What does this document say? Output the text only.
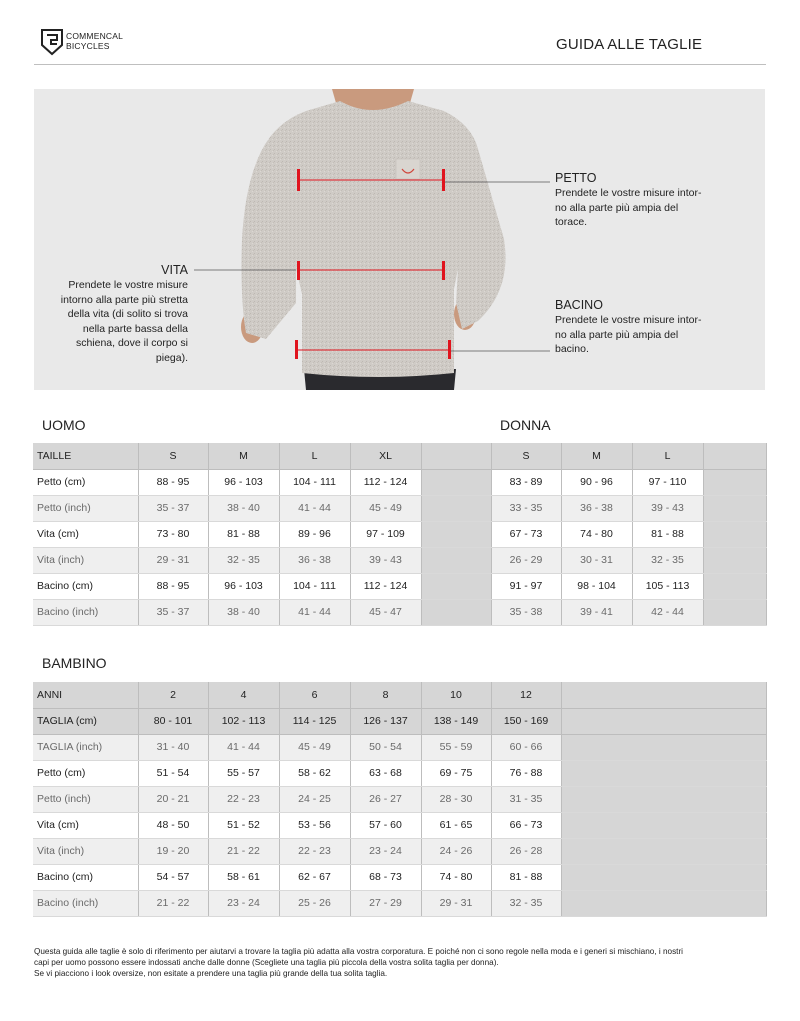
COMMENCAL
BICYCLES	GUIDA ALLE TAGLIE
PETTO
Prendete le vostre misure intor-
no alla parte più ampia del
torace.
VITA
Prendete le vostre misure
intorno alla parte più stretta
della vita (di solito si trova
nella parte bassa della
schiena, dove il corpo si
piega).
BACINO
Prendete le vostre misure intor-
no alla parte più ampia del
bacino.
UOMO	DONNA
TAILLE	S	M	L	XL		S	M	L	
Petto (cm)	88 - 95	96 - 103	104 - 111	112 - 124		83 - 89	90 - 96	97 - 110	
Petto (inch)	35 - 37	38 - 40	41 - 44	45 - 49		33 - 35	36 - 38	39 - 43	
Vita (cm)	73 - 80	81 - 88	89 - 96	97 - 109		67 - 73	74 - 80	81 - 88	
Vita (inch)	29 - 31	32 - 35	36 - 38	39 - 43		26 - 29	30 - 31	32 - 35	
Bacino (cm)	88 - 95	96 - 103	104 - 111	112 - 124		91 - 97	98 - 104	105 - 113	
Bacino (inch)	35 - 37	38 - 40	41 - 44	45 - 47		35 - 38	39 - 41	42 - 44	
BAMBINO
ANNI	2	4	6	8	10	12	
TAGLIA (cm)	80 - 101	102 - 113	114 - 125	126 - 137	138 - 149	150 - 169	
TAGLIA (inch)	31 - 40	41 - 44	45 - 49	50 - 54	55 - 59	60 - 66	
Petto (cm)	51 - 54	55 - 57	58 - 62	63 - 68	69 - 75	76 - 88	
Petto (inch)	20 - 21	22 - 23	24 - 25	26 - 27	28 - 30	31 - 35	
Vita (cm)	48 - 50	51 - 52	53 - 56	57 - 60	61 - 65	66 - 73	
Vita (inch)	19 - 20	21 - 22	22 - 23	23 - 24	24 - 26	26 - 28	
Bacino (cm)	54 - 57	58 - 61	62 - 67	68 - 73	74 - 80	81 - 88	
Bacino (inch)	21 - 22	23 - 24	25 - 26	27 - 29	29 - 31	32 - 35	
Questa guida alle taglie è solo di riferimento per aiutarvi a trovare la taglia più adatta alla vostra corporatura. E poiché non ci sono regole nella moda e i generi si mischiano, i nostri
capi per uomo possono essere indossati anche dalle donne (Scegliete una taglia più piccola della vostra solita taglia per donna).
Se vi piacciono i look oversize, non esitate a prendere una taglia più grande della tua solita taglia.
